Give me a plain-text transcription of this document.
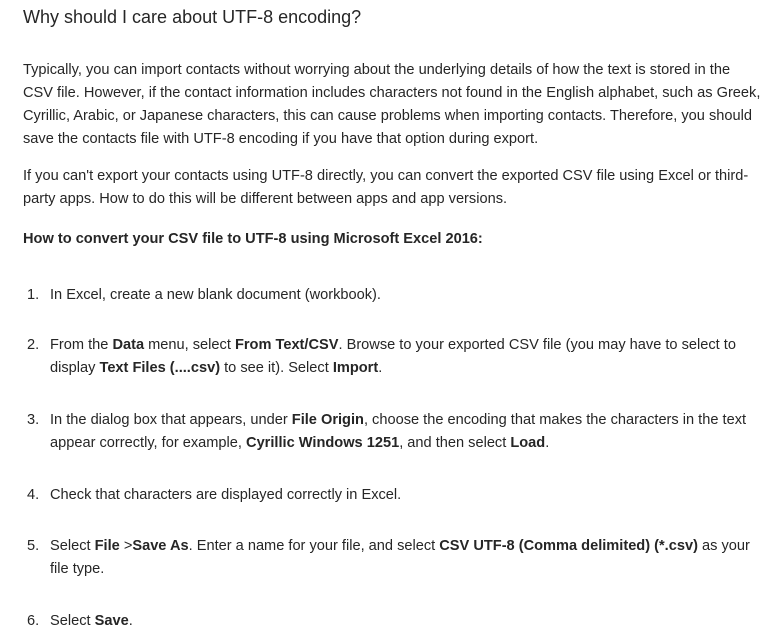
Why should I care about UTF-8 encoding?

Typically, you can import contacts without worrying about the underlying details of how the text is stored in the CSV file. However, if the contact information includes characters not found in the English alphabet, such as Greek, Cyrillic, Arabic, or Japanese characters, this can cause problems when importing contacts. Therefore, you should save the contacts file with UTF-8 encoding if you have that option during export.

If you can't export your contacts using UTF-8 directly, you can convert the exported CSV file using Excel or third-party apps. How to do this will be different between apps and app versions.

How to convert your CSV file to UTF-8 using Microsoft Excel 2016:

1. In Excel, create a new blank document (workbook).
2. From the Data menu, select From Text/CSV. Browse to your exported CSV file (you may have to select to display Text Files (....csv) to see it). Select Import.
3. In the dialog box that appears, under File Origin, choose the encoding that makes the characters in the text appear correctly, for example, Cyrillic Windows 1251, and then select Load.
4. Check that characters are displayed correctly in Excel.
5. Select File >Save As. Enter a name for your file, and select CSV UTF-8 (Comma delimited) (*.csv) as your file type.
6. Select Save.
